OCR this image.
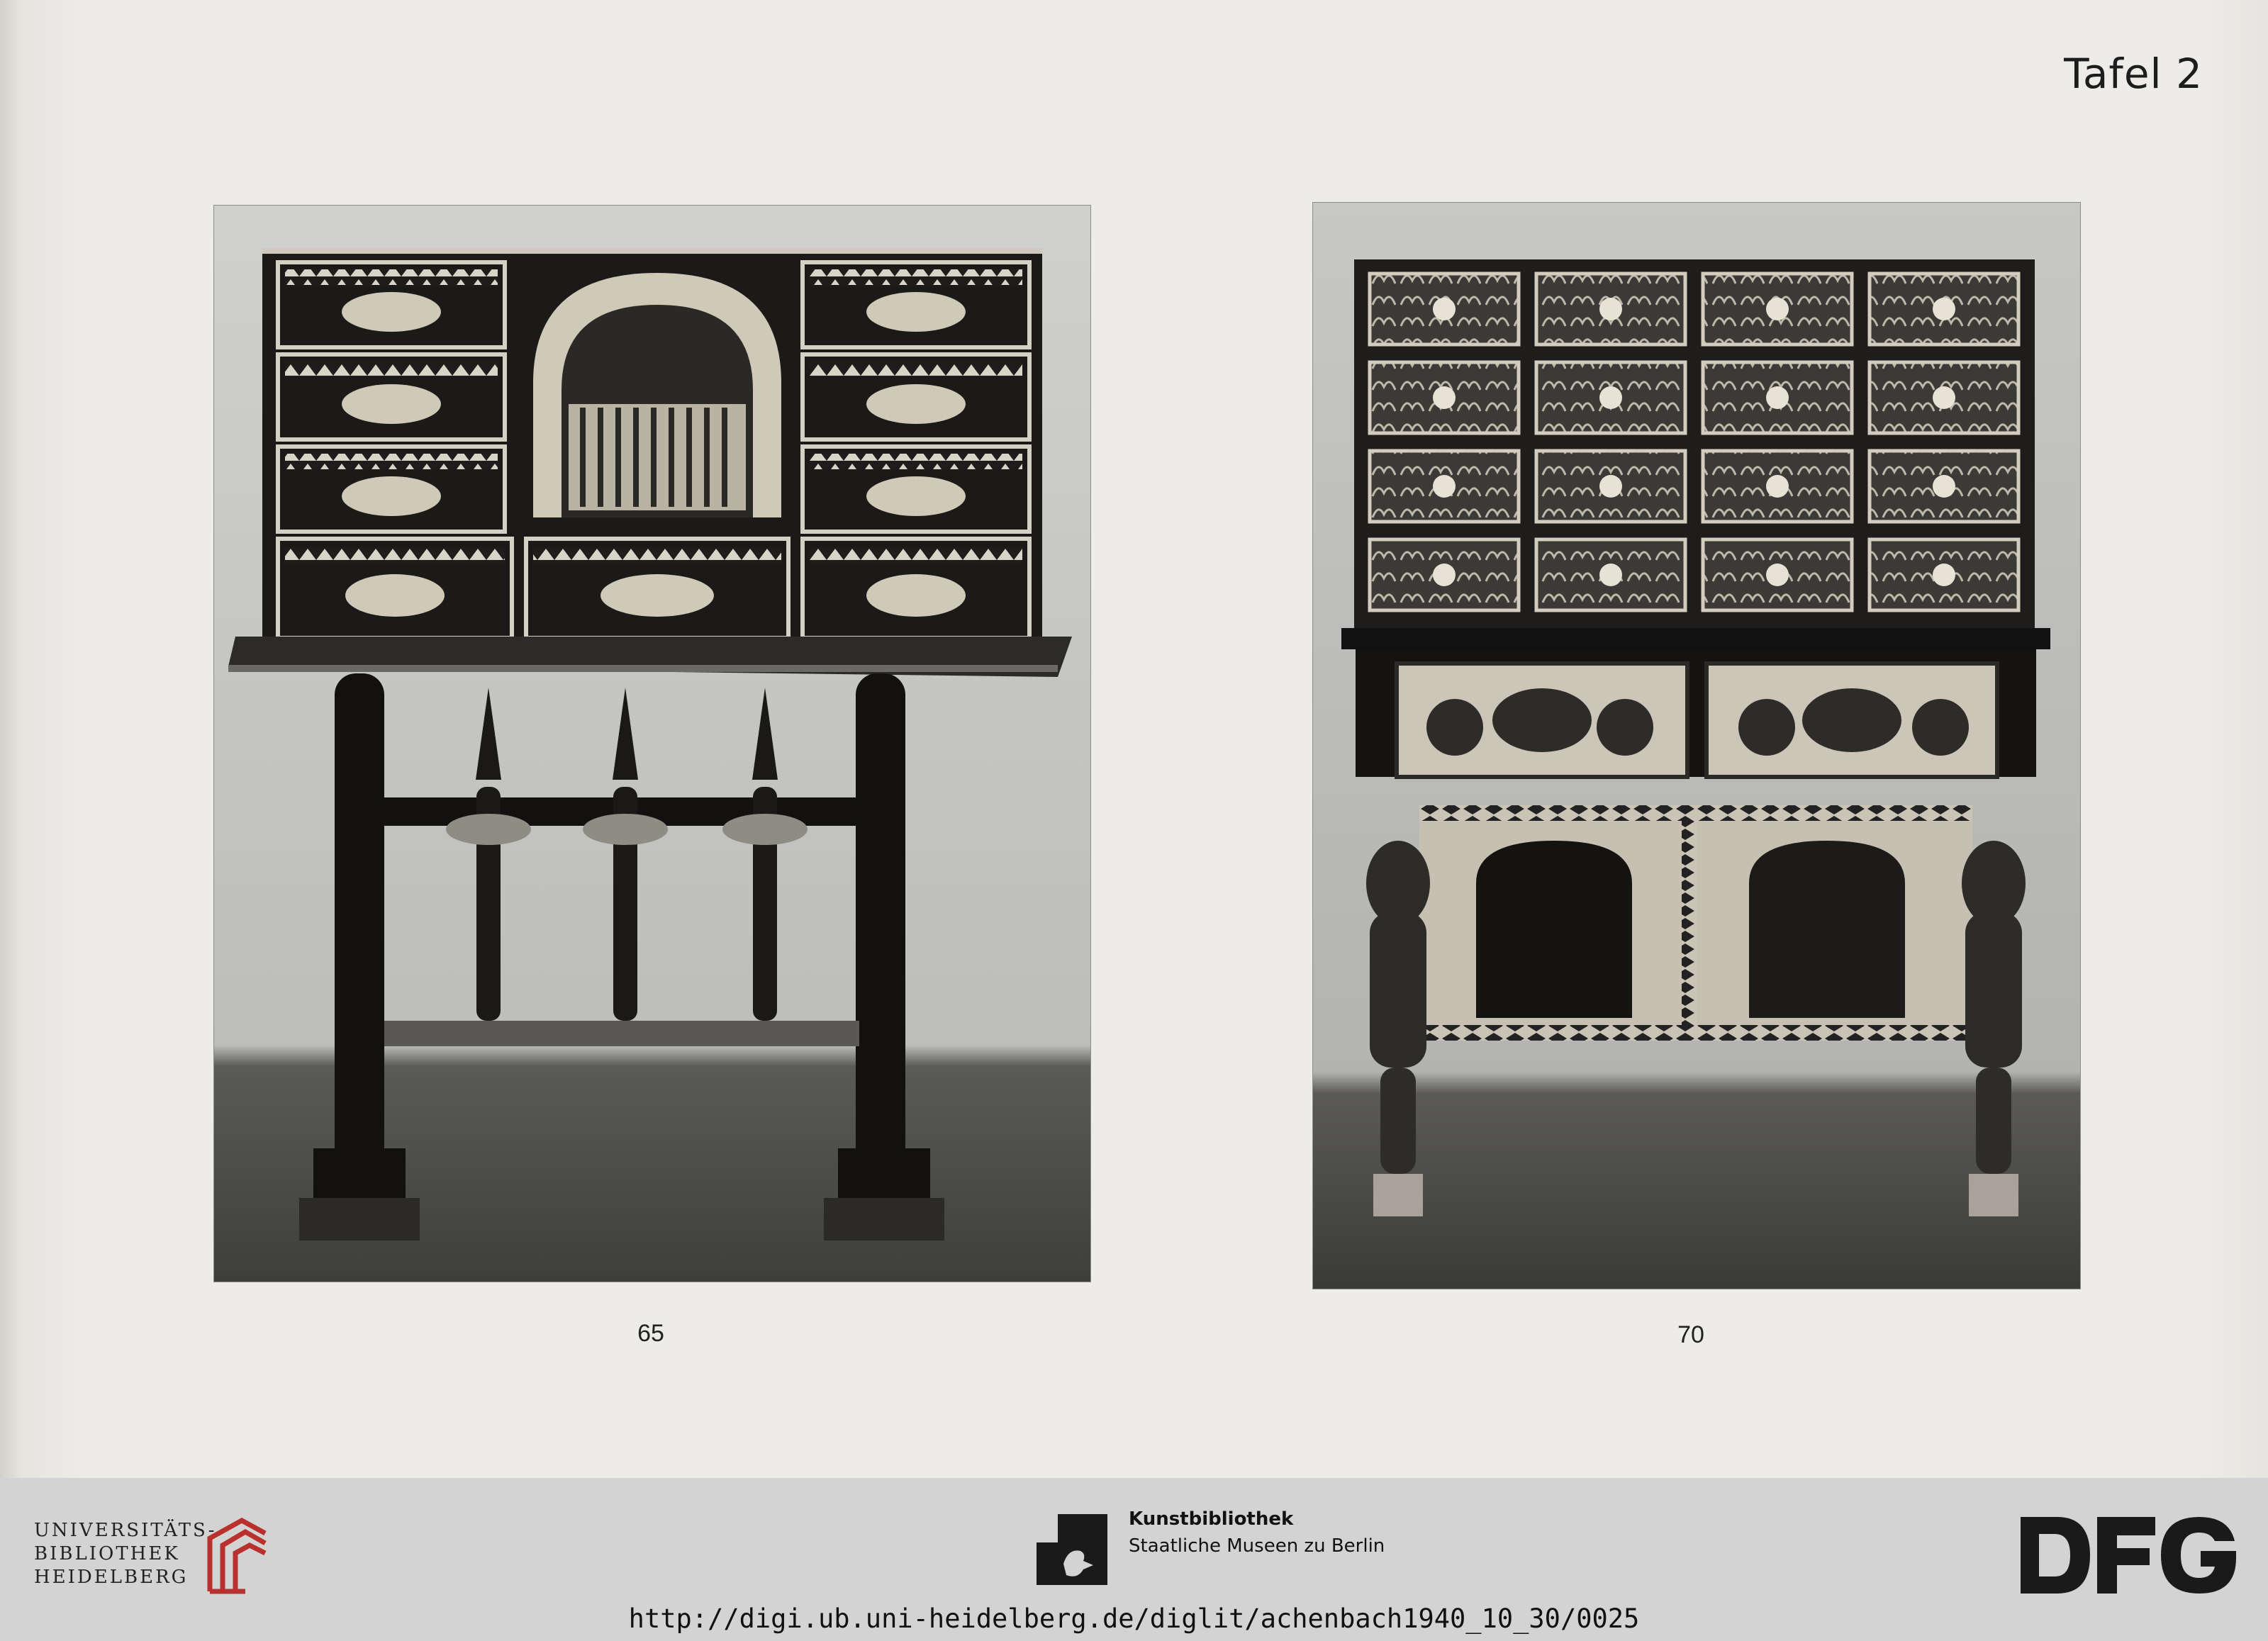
Tafel 2
65	70
UNIVERSITÄTS-
BIBLIOTHEK
HEIDELBERG
Kunstbibliothek
Staatliche Museen zu Berlin
http://digi.ub.uni-heidelberg.de/diglit/achenbach1940_10_30/0025
